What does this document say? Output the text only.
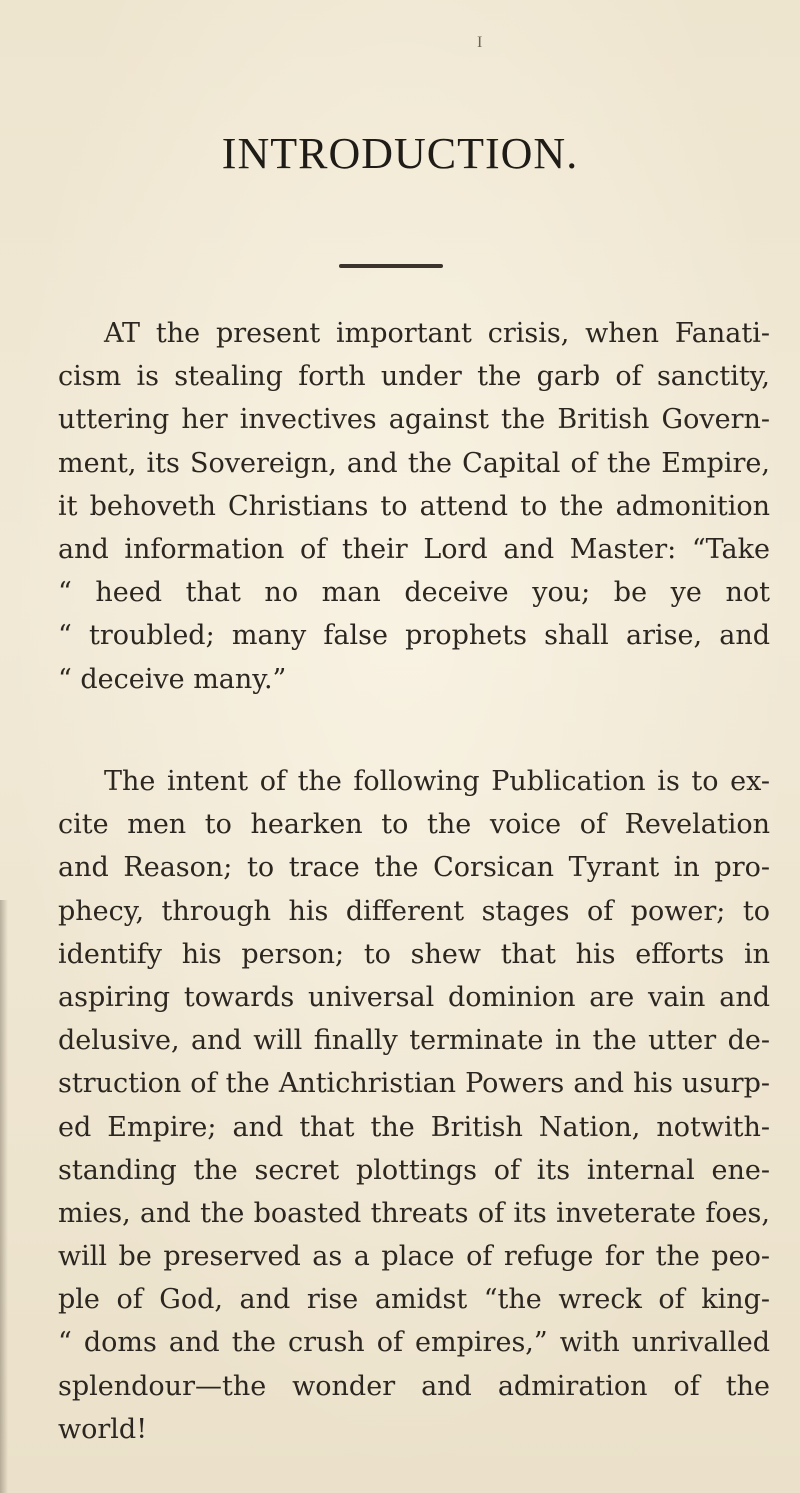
I
INTRODUCTION.
AT the present important crisis, when Fanati-
cism is stealing forth under the garb of sanctity,
uttering her invectives against the British Govern-
ment, its Sovereign, and the Capital of the Empire,
it behoveth Christians to attend to the admonition
and information of their Lord and Master: “Take
“ heed that no man deceive you; be ye not
“ troubled; many false prophets shall arise, and
“ deceive many.”
The intent of the following Publication is to ex-
cite men to hearken to the voice of Revelation
and Reason; to trace the Corsican Tyrant in pro-
phecy, through his different stages of power; to
identify his person; to shew that his efforts in
aspiring towards universal dominion are vain and
delusive, and will finally terminate in the utter de-
struction of the Antichristian Powers and his usurp-
ed Empire; and that the British Nation, notwith-
standing the secret plottings of its internal ene-
mies, and the boasted threats of its inveterate foes,
will be preserved as a place of refuge for the peo-
ple of God, and rise amidst “the wreck of king-
“ doms and the crush of empires,” with unrivalled
splendour—the wonder and admiration of the
world!
